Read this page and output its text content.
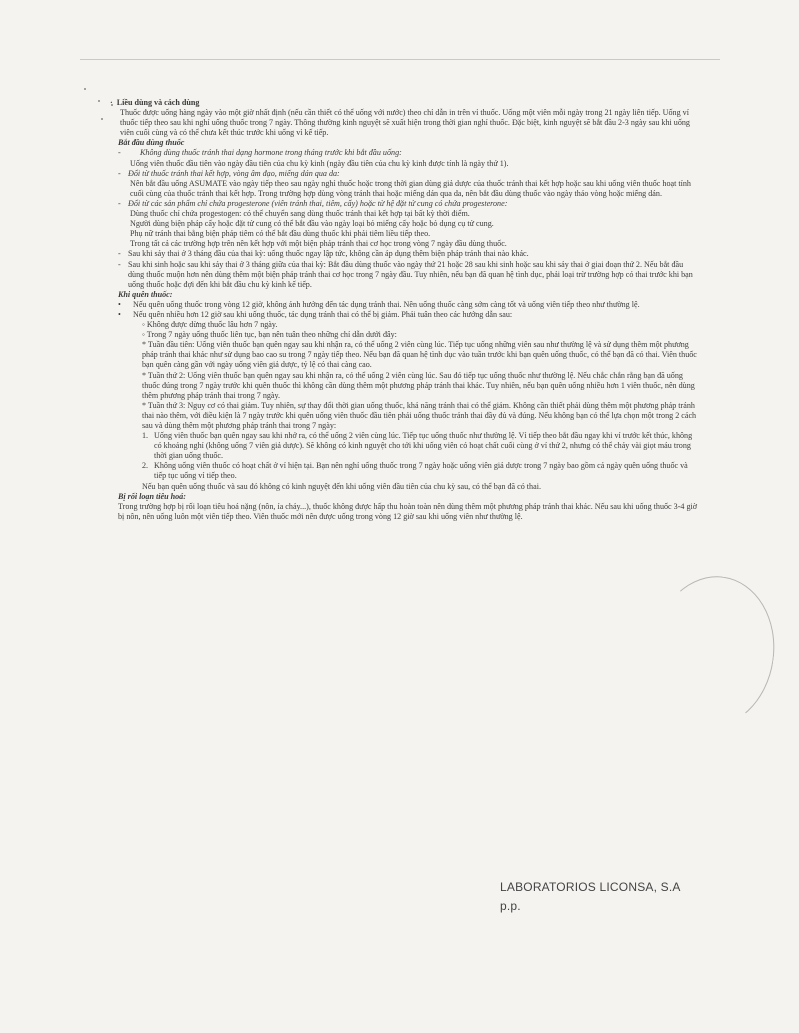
· Liều dùng và cách dùng

Thuốc được uống hàng ngày vào một giờ nhất định (nếu cần thiết có thể uống với nước) theo chỉ dẫn in trên vỉ thuốc. Uống một viên mỗi ngày trong 21 ngày liên tiếp. Uống vỉ thuốc tiếp theo sau khi nghỉ uống thuốc trong 7 ngày. Thông thường kinh nguyệt sẽ xuất hiện trong thời gian nghỉ thuốc. Đặc biệt, kinh nguyệt sẽ bắt đầu 2-3 ngày sau khi uống viên cuối cùng và có thể chưa kết thúc trước khi uống vỉ kế tiếp.

Bắt đầu dùng thuốc

- Không dùng thuốc tránh thai dạng hormone trong tháng trước khi bắt đầu uống:

Uống viên thuốc đầu tiên vào ngày đầu tiên của chu kỳ kinh (ngày đầu tiên của chu kỳ kinh được tính là ngày thứ 1).

- Đổi từ thuốc tránh thai kết hợp, vòng âm đạo, miếng dán qua da:

Nên bắt đầu uống ASUMATE vào ngày tiếp theo sau ngày nghỉ thuốc hoặc trong thời gian dùng giả dược của thuốc tránh thai kết hợp hoặc sau khi uống viên thuốc hoạt tính cuối cùng của thuốc tránh thai kết hợp. Trong trường hợp dùng vòng tránh thai hoặc miếng dán qua da, nên bắt đầu dùng thuốc vào ngày tháo vòng hoặc miếng dán.

- Đổi từ các sản phẩm chỉ chứa progesterone (viên tránh thai, tiêm, cấy) hoặc từ hệ đặt tử cung có chứa progesterone:

Dùng thuốc chỉ chứa progestogen: có thể chuyển sang dùng thuốc tránh thai kết hợp tại bất kỳ thời điểm.

Người dùng biện pháp cấy hoặc đặt tử cung có thể bắt đầu vào ngày loại bỏ miếng cấy hoặc bỏ dụng cụ tử cung.

Phụ nữ tránh thai bằng biện pháp tiêm có thể bắt đầu dùng thuốc khi phải tiêm liều tiếp theo.

Trong tất cả các trường hợp trên nên kết hợp với một biện pháp tránh thai cơ học trong vòng 7 ngày đầu dùng thuốc.

- Sau khi sảy thai ở 3 tháng đầu của thai kỳ: uống thuốc ngay lập tức, không cần áp dụng thêm biện pháp tránh thai nào khác.

- Sau khi sinh hoặc sau khi sảy thai ở 3 tháng giữa của thai kỳ: Bắt đầu dùng thuốc vào ngày thứ 21 hoặc 28 sau khi sinh hoặc sau khi sảy thai ở giai đoạn thứ 2. Nếu bắt đầu dùng thuốc muộn hơn nên dùng thêm một biện pháp tránh thai cơ học trong 7 ngày đầu. Tuy nhiên, nếu bạn đã quan hệ tình dục, phải loại trừ trường hợp có thai trước khi bạn uống thuốc hoặc đợi đến khi bắt đầu chu kỳ kinh kế tiếp.

Khi quên thuốc:

• Nếu quên uống thuốc trong vòng 12 giờ, không ảnh hưởng đến tác dụng tránh thai. Nên uống thuốc càng sớm càng tốt và uống viên tiếp theo như thường lệ.

• Nếu quên nhiều hơn 12 giờ sau khi uống thuốc, tác dụng tránh thai có thể bị giảm. Phải tuân theo các hướng dẫn sau:

◦ Không được dừng thuốc lâu hơn 7 ngày.

◦ Trong 7 ngày uống thuốc liên tục, bạn nên tuân theo những chỉ dẫn dưới đây:

* Tuần đầu tiên: Uống viên thuốc bạn quên ngay sau khi nhận ra, có thể uống 2 viên cùng lúc. Tiếp tục uống những viên sau như thường lệ và sử dụng thêm một phương pháp tránh thai khác như sử dụng bao cao su trong 7 ngày tiếp theo. Nếu bạn đã quan hệ tình dục vào tuần trước khi bạn quên uống thuốc, có thể bạn đã có thai. Viên thuốc bạn quên càng gần với ngày uống viên giả dược, tỷ lệ có thai càng cao.

* Tuần thứ 2: Uống viên thuốc bạn quên ngay sau khi nhận ra, có thể uống 2 viên cùng lúc. Sau đó tiếp tục uống thuốc như thường lệ. Nếu chắc chắn rằng bạn đã uống thuốc đúng trong 7 ngày trước khi quên thuốc thì không cần dùng thêm một phương pháp tránh thai khác. Tuy nhiên, nếu bạn quên uống nhiều hơn 1 viên thuốc, nên dùng thêm phương pháp tránh thai trong 7 ngày.

* Tuần thứ 3: Nguy cơ có thai giảm. Tuy nhiên, sự thay đổi thời gian uống thuốc, khả năng tránh thai có thể giảm. Không cần thiết phải dùng thêm một phương pháp tránh thai nào thêm, với điều kiện là 7 ngày trước khi quên uống viên thuốc đầu tiên phải uống thuốc tránh thai đầy đủ và đúng. Nếu không bạn có thể lựa chọn một trong 2 cách sau và dùng thêm một phương pháp tránh thai trong 7 ngày:

1. Uống viên thuốc bạn quên ngay sau khi nhớ ra, có thể uống 2 viên cùng lúc. Tiếp tục uống thuốc như thường lệ. Vỉ tiếp theo bắt đầu ngay khi vỉ trước kết thúc, không có khoảng nghỉ (không uống 7 viên giả dược). Sẽ không có kinh nguyệt cho tới khi uống viên có hoạt chất cuối cùng ở vỉ thứ 2, nhưng có thể chảy vài giọt máu trong thời gian uống thuốc.

2. Không uống viên thuốc có hoạt chất ở vỉ hiện tại. Bạn nên nghỉ uống thuốc trong 7 ngày hoặc uống viên giả dược trong 7 ngày bao gồm cả ngày quên uống thuốc và tiếp tục uống vỉ tiếp theo.

Nếu bạn quên uống thuốc và sau đó không có kinh nguyệt đến khi uống viên đầu tiên của chu kỳ sau, có thể bạn đã có thai.

Bị rối loạn tiêu hoá:

Trong trường hợp bị rối loạn tiêu hoá nặng (nôn, ỉa chảy...), thuốc không được hấp thu hoàn toàn nên dùng thêm một phương pháp tránh thai khác. Nếu sau khi uống thuốc 3-4 giờ bị nôn, nên uống luôn một viên tiếp theo. Viên thuốc mới nên được uống trong vòng 12 giờ sau khi uống viên như thường lệ.

LABORATORIOS LICONSA, S.A
p.p.
